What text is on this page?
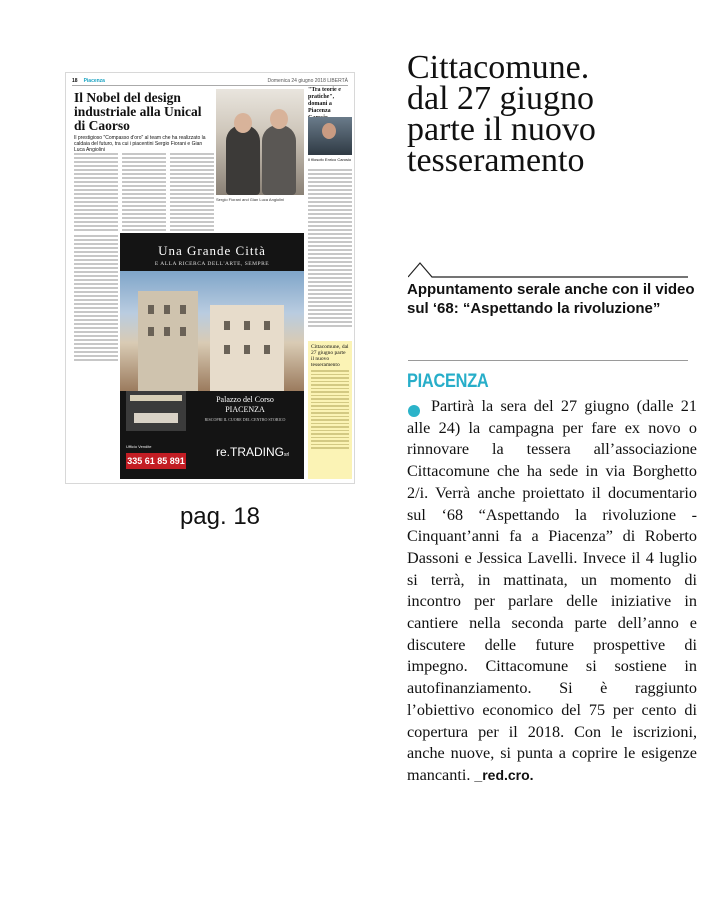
18 Piacenza	Domenica 24 giugno 2018 LIBERTÀ
Il Nobel del design industriale alla Unical di Caorso
Il prestigioso "Compasso d'oro" al team che ha realizzato la caldaia del futuro, tra cui i piacentini Sergio Fiorani e Gian Luca Angiolini
Sergio Fiorani and Gian Luca Angiolini
"Tra teorie e pratiche", domani a Piacenza
Il filosofo Enrico Carosio
Cittacomune, dal 27 giugno parte il nuovo tesseramento
Una Grande Città
E ALLA RICERCA DELL'ARTE, SEMPRE
Palazzo del Corso
PIACENZA
RISCOPRI IL CUORE DEL CENTRO STORICO
Ufficio Vendite
335 61 85 891
re.TRADINGsrl
pag. 18
Cittacomune.
dal 27 giugno
parte il nuovo
tesseramento
Appuntamento serale anche con il video sul ‘68: “Aspettando la rivoluzione”
PIACENZA
Partirà la sera del 27 giugno (dalle 21 alle 24) la campagna per fare ex novo o rinnovare la tessera all’associazione Cittacomune che ha sede in via Borghetto 2/i. Verrà anche proiettato il documentario sul ‘68 “Aspettando la rivoluzione - Cinquant’anni fa a Piacenza” di Roberto Dassoni e Jessica Lavelli. Invece il 4 luglio si terrà, in mattinata, un momento di incontro per parlare delle iniziative in cantiere nella seconda parte dell’anno e discutere delle future prospettive di impegno. Cittacomune si sostiene in autofinanziamento. Si è raggiunto l’obiettivo economico del 75 per cento di copertura per il 2018. Con le iscrizioni, anche nuove, si punta a coprire le esigenze mancanti. _red.cro.
